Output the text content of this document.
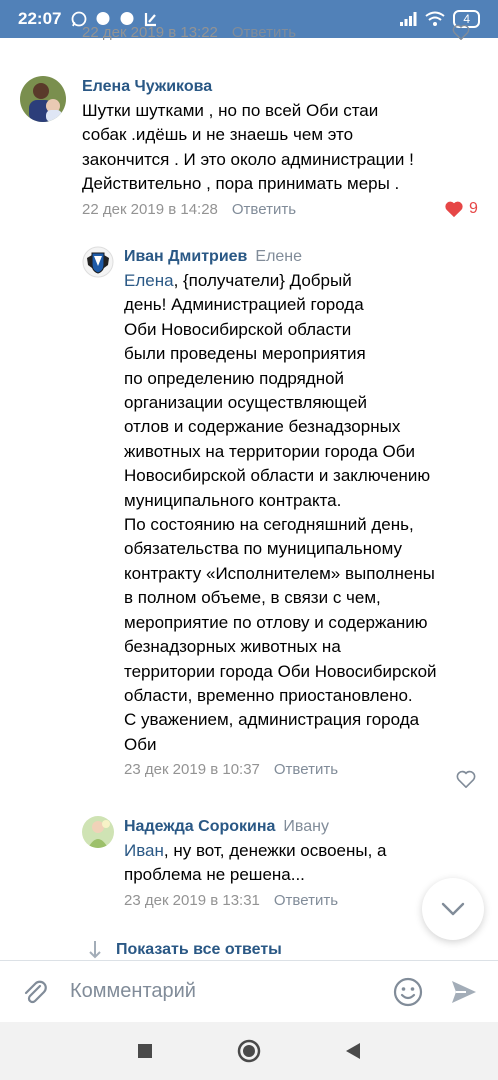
22:07	4
22 дек 2019 в 13:22 Ответить
Елена Чужикова
Шутки шутками , но по всей Оби стаи
собак .идёшь и не знаешь чем это
закончится . И это около администрации !
Действительно , пора принимать меры .
22 дек 2019 в 14:28 Ответить	9
Иван Дмитриев Елене
Елена, {получатели} Добрый
день! Администрацией города
Оби Новосибирской области
были проведены мероприятия
по определению подрядной
организации осуществляющей
отлов и содержание безнадзорных
животных на территории города Оби
Новосибирской области и заключению
муниципального контракта.
По состоянию на сегодняшний день,
обязательства по муниципальному
контракту «Исполнителем» выполнены
в полном объеме, в связи с чем,
мероприятие по отлову и содержанию
безнадзорных животных на
территории города Оби Новосибирской
области, временно приостановлено.
С уважением, администрация города
Оби
23 дек 2019 в 10:37 Ответить
Надежда Сорокина Ивану
Иван, ну вот, денежки освоены, а
проблема не решена...
23 дек 2019 в 13:31 Ответить
Показать все ответы
Комментарий
